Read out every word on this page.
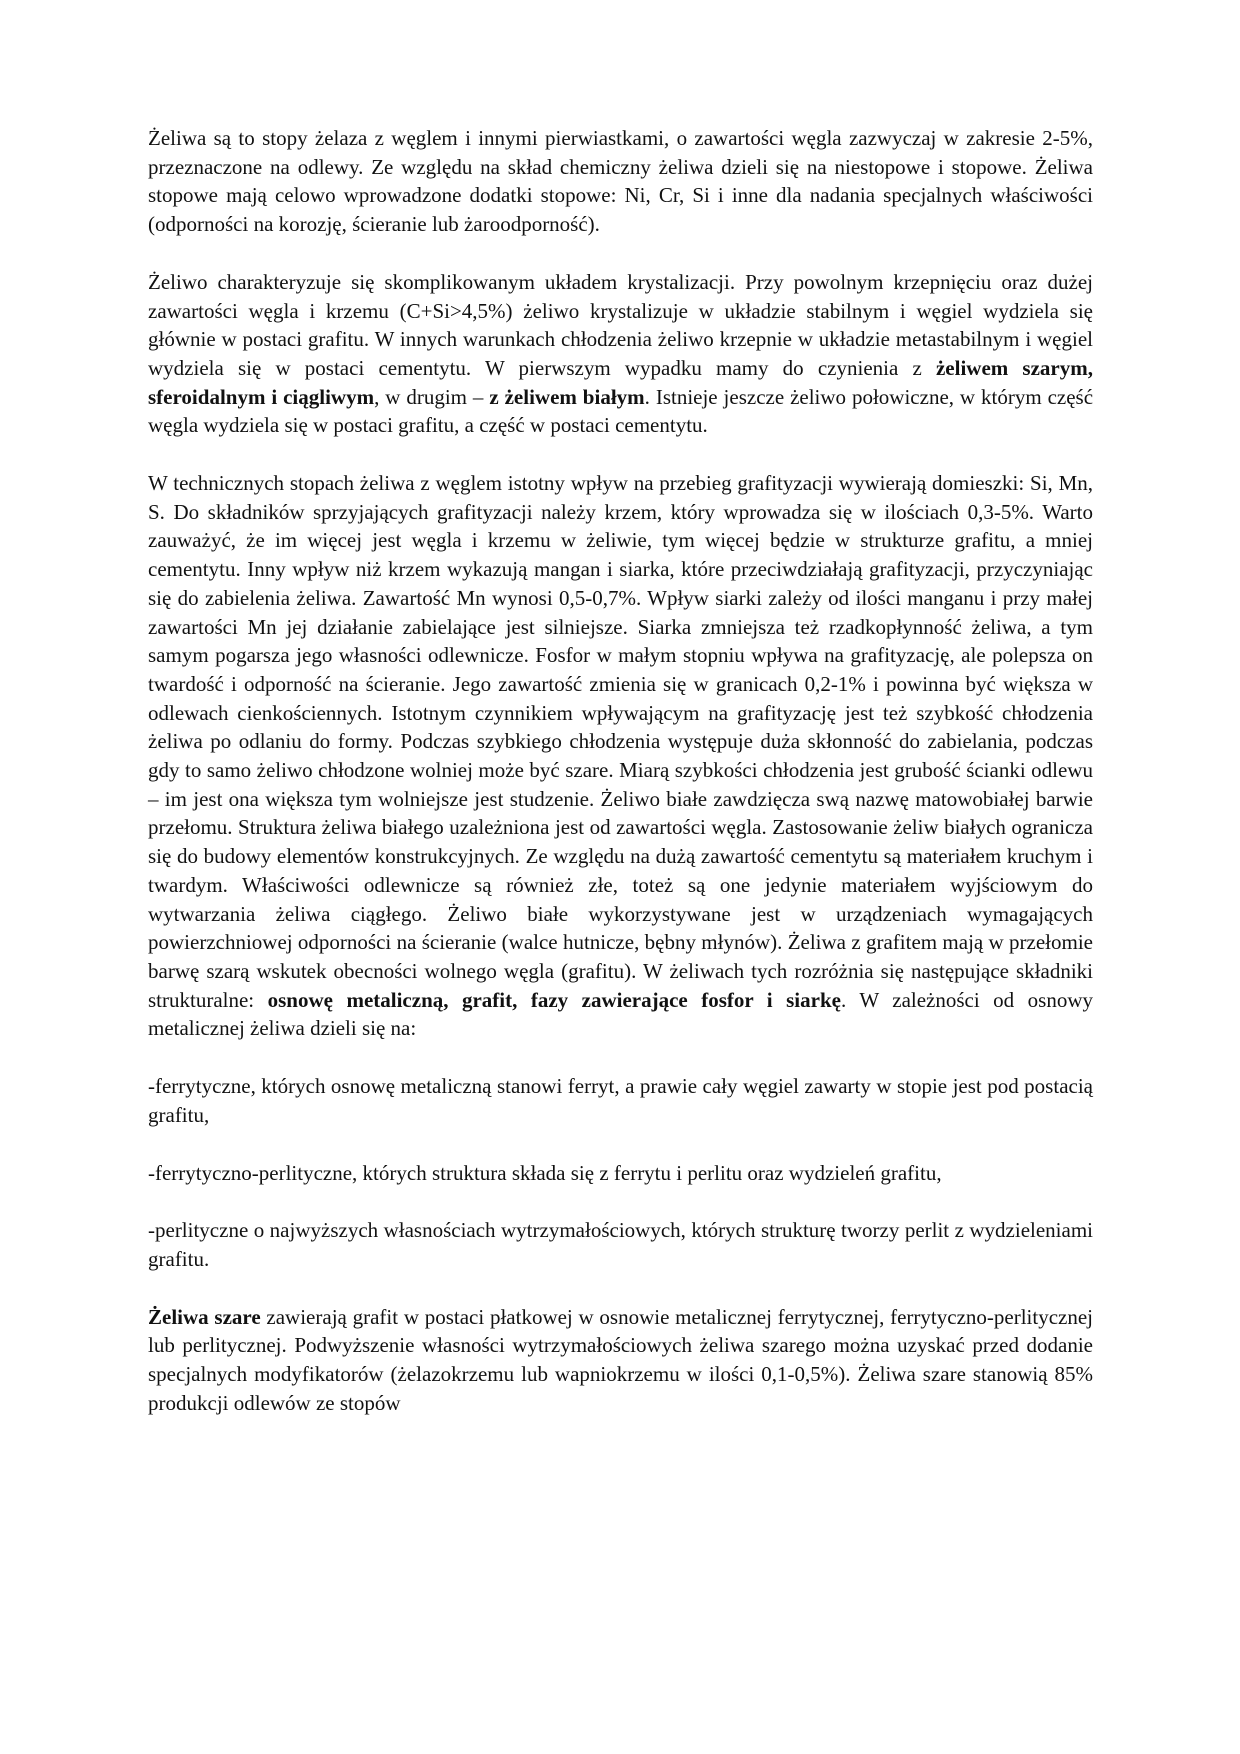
Żeliwa są to stopy żelaza z węglem i innymi pierwiastkami, o zawartości węgla zazwyczaj w zakresie 2-5%, przeznaczone na odlewy. Ze względu na skład chemiczny żeliwa dzieli się na niestopowe i stopowe. Żeliwa stopowe mają celowo wprowadzone dodatki stopowe: Ni, Cr, Si i inne dla nadania specjalnych właściwości (odporności na korozję, ścieranie lub żaroodporność).

Żeliwo charakteryzuje się skomplikowanym układem krystalizacji. Przy powolnym krzepnięciu oraz dużej zawartości węgla i krzemu (C+Si>4,5%) żeliwo krystalizuje w układzie stabilnym i węgiel wydziela się głównie w postaci grafitu. W innych warunkach chłodzenia żeliwo krzepnie w układzie metastabilnym i węgiel wydziela się w postaci cementytu. W pierwszym wypadku mamy do czynienia z żeliwem szarym, sferoidalnym i ciągliwym, w drugim – z żeliwem białym. Istnieje jeszcze żeliwo połowiczne, w którym część węgla wydziela się w postaci grafitu, a część w postaci cementytu.

W technicznych stopach żeliwa z węglem istotny wpływ na przebieg grafityzacji wywierają domieszki: Si, Mn, S. Do składników sprzyjających grafityzacji należy krzem, który wprowadza się w ilościach 0,3-5%. Warto zauważyć, że im więcej jest węgla i krzemu w żeliwie, tym więcej będzie w strukturze grafitu, a mniej cementytu. Inny wpływ niż krzem wykazują mangan i siarka, które przeciwdziałają grafityzacji, przyczyniając się do zabielenia żeliwa. Zawartość Mn wynosi 0,5-0,7%. Wpływ siarki zależy od ilości manganu i przy małej zawartości Mn jej działanie zabielające jest silniejsze. Siarka zmniejsza też rzadkopłynność żeliwa, a tym samym pogarsza jego własności odlewnicze. Fosfor w małym stopniu wpływa na grafityzację, ale polepsza on twardość i odporność na ścieranie. Jego zawartość zmienia się w granicach 0,2-1% i powinna być większa w odlewach cienkościennych. Istotnym czynnikiem wpływającym na grafityzację jest też szybkość chłodzenia żeliwa po odlaniu do formy. Podczas szybkiego chłodzenia występuje duża skłonność do zabielania, podczas gdy to samo żeliwo chłodzone wolniej może być szare. Miarą szybkości chłodzenia jest grubość ścianki odlewu – im jest ona większa tym wolniejsze jest studzenie. Żeliwo białe zawdzięcza swą nazwę matowobiałej barwie przełomu. Struktura żeliwa białego uzależniona jest od zawartości węgla. Zastosowanie żeliw białych ogranicza się do budowy elementów konstrukcyjnych. Ze względu na dużą zawartość cementytu są materiałem kruchym i twardym. Właściwości odlewnicze są również złe, toteż są one jedynie materiałem wyjściowym do wytwarzania żeliwa ciągłego. Żeliwo białe wykorzystywane jest w urządzeniach wymagających powierzchniowej odporności na ścieranie (walce hutnicze, bębny młynów). Żeliwa z grafitem mają w przełomie barwę szarą wskutek obecności wolnego węgla (grafitu). W żeliwach tych rozróżnia się następujące składniki strukturalne: osnowę metaliczną, grafit, fazy zawierające fosfor i siarkę. W zależności od osnowy metalicznej żeliwa dzieli się na:

-ferrytyczne, których osnowę metaliczną stanowi ferryt, a prawie cały węgiel zawarty w stopie jest pod postacią grafitu,

-ferrytyczno-perlityczne, których struktura składa się z ferrytu i perlitu oraz wydzieleń grafitu,

-perlityczne o najwyższych własnościach wytrzymałościowych, których strukturę tworzy perlit z wydzieleniami grafitu.

Żeliwa szare zawierają grafit w postaci płatkowej w osnowie metalicznej ferrytycznej, ferrytyczno-perlitycznej lub perlitycznej. Podwyższenie własności wytrzymałościowych żeliwa szarego można uzyskać przed dodanie specjalnych modyfikatorów (żelazokrzemu lub wapniokrzemu w ilości 0,1-0,5%). Żeliwa szare stanowią 85% produkcji odlewów ze stopów
